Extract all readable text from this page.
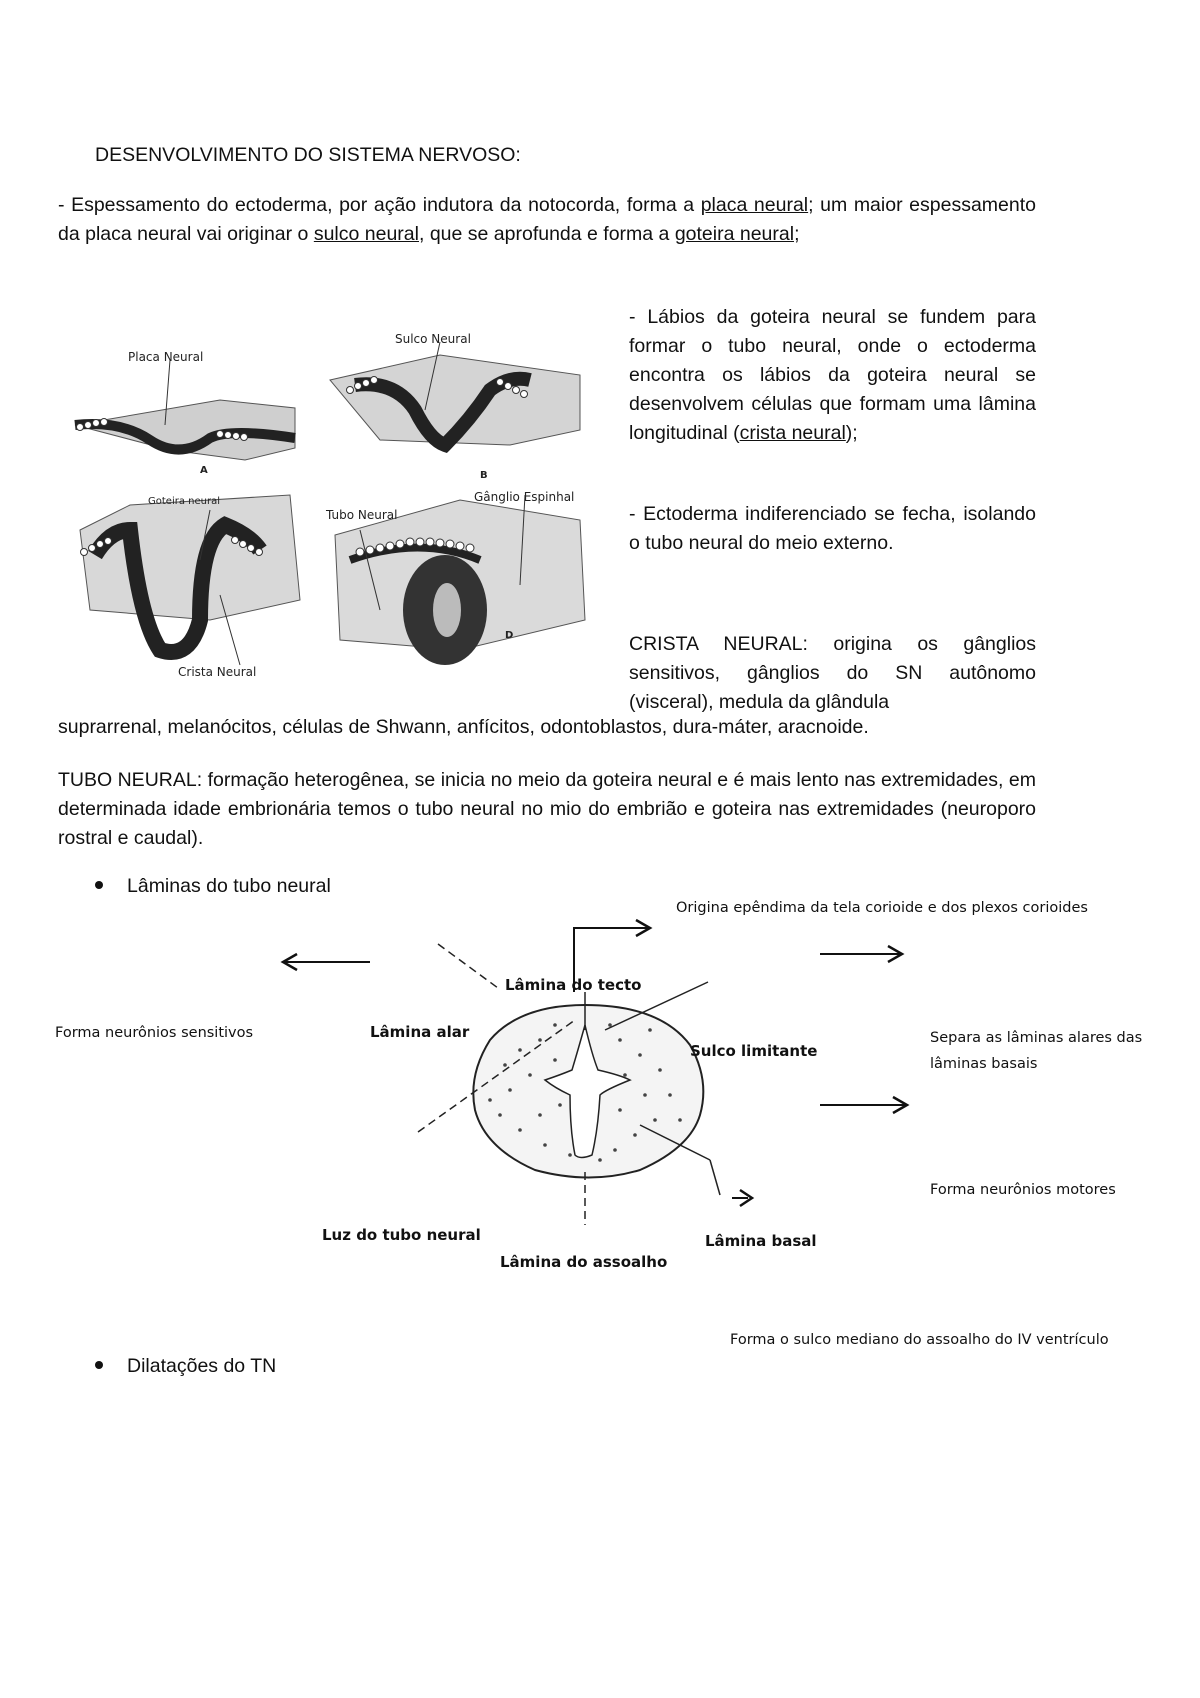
DESENVOLVIMENTO DO SISTEMA NERVOSO:
- Espessamento do ectoderma, por ação indutora da notocorda, forma a placa neural; um maior espessamento da placa neural vai originar o sulco neural, que se aprofunda e forma a goteira neural;
- Lábios da goteira neural se fundem para formar o tubo neural, onde o ectoderma encontra os lábios da goteira neural se desenvolvem células que formam uma lâmina longitudinal (crista neural);
- Ectoderma indiferenciado se fecha, isolando o tubo neural do meio externo.
CRISTA NEURAL: origina os gânglios sensitivos, gânglios do SN autônomo (visceral), medula da glândula
suprarrenal, melanócitos, células de Shwann, anfícitos, odontoblastos, dura-máter, aracnoide.
TUBO NEURAL: formação heterogênea, se inicia no meio da goteira neural e é mais lento nas extremidades, em determinada idade embrionária temos o tubo neural no mio do embrião e goteira nas extremidades (neuroporo rostral e caudal).
Placa Neural
Sulco Neural
Goteira neural
Tubo Neural
Gânglio Espinhal
Crista Neural
A	B
D
Lâminas do tubo neural
Lâmina do tecto
Lâmina alar
Sulco limitante
Luz do tubo neural	Lâmina basal
Lâmina do assoalho
Origina epêndima da tela corioide e dos plexos corioides
Forma neurônios sensitivos	Separa as lâminas alares das
lâminas basais
Forma neurônios motores
Forma o sulco mediano do assoalho do IV ventrículo
Dilatações do TN
